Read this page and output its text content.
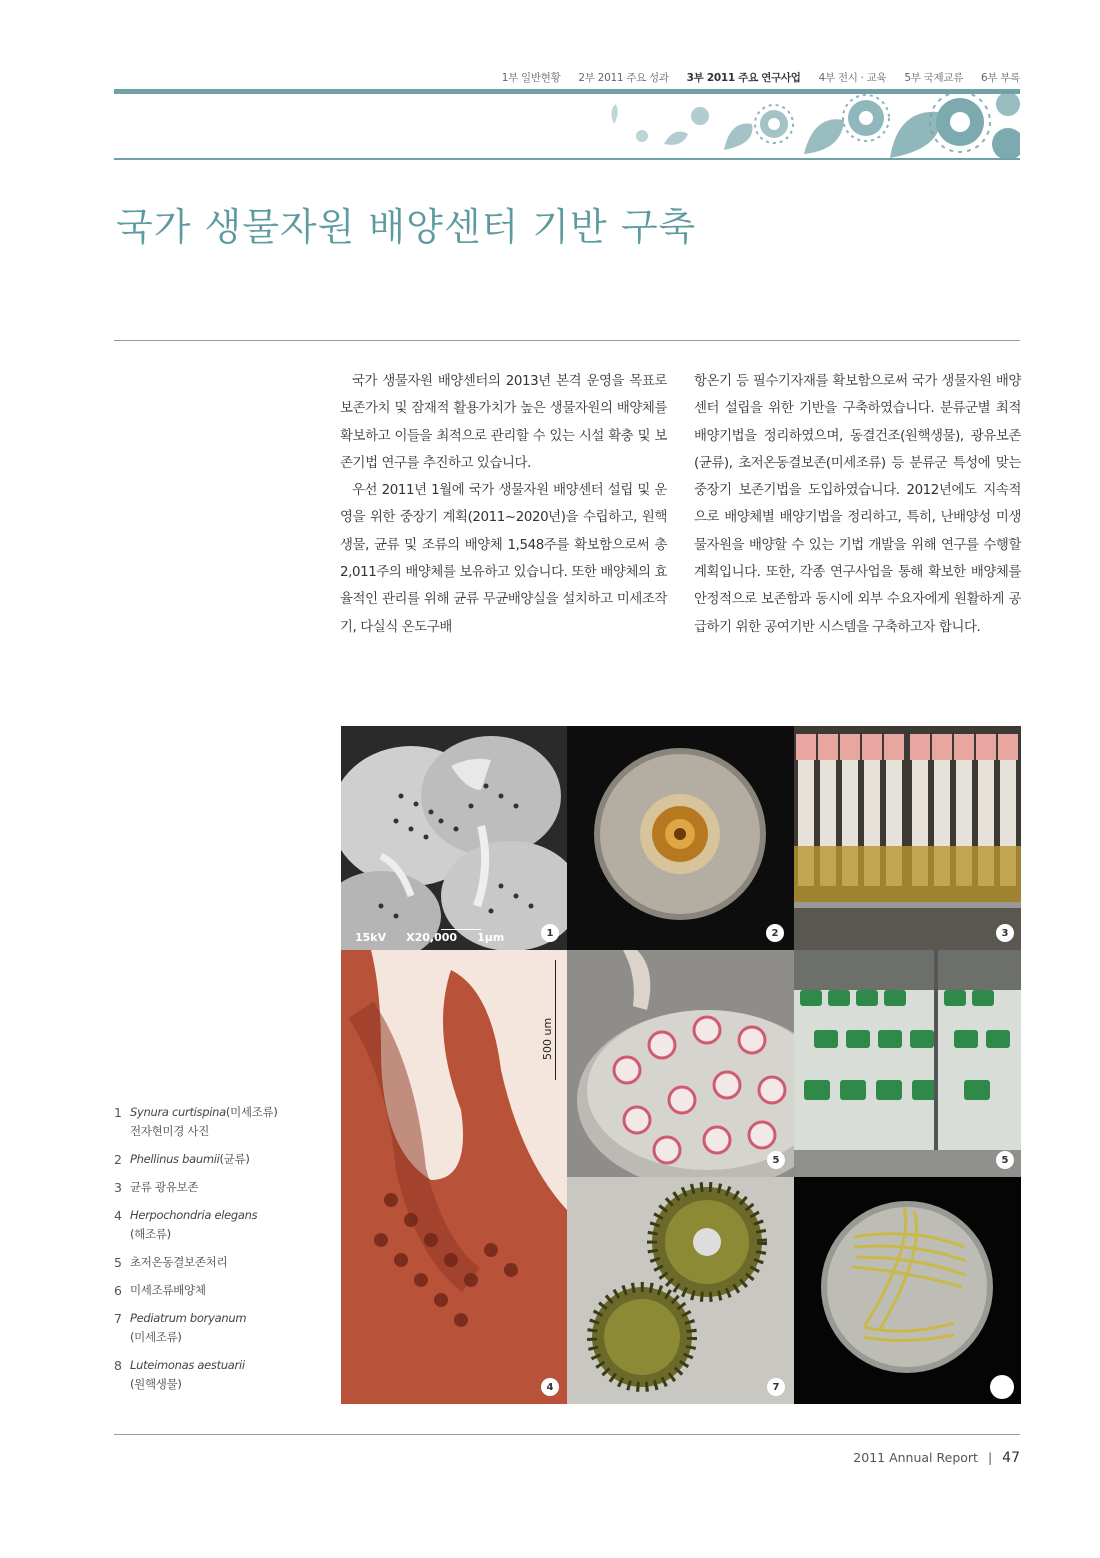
1부 일반현황 2부 2011 주요 성과 3부 2011 주요 연구사업 4부 전시 · 교육 5부 국제교류 6부 부록
국가 생물자원 배양센터 기반 구축

국가 생물자원 배양센터의 2013년 본격 운영을 목표로 보존가치 및 잠재적 활용가치가 높은 생물자원의 배양체를 확보하고 이들을 최적으로 관리할 수 있는 시설 확충 및 보존기법 연구를 추진하고 있습니다.

우선 2011년 1월에 국가 생물자원 배양센터 설립 및 운영을 위한 중장기 계획(2011~2020년)을 수립하고, 원핵생물, 균류 및 조류의 배양체 1,548주를 확보함으로써 총 2,011주의 배양체를 보유하고 있습니다. 또한 배양체의 효율적인 관리를 위해 균류 무균배양실을 설치하고 미세조작기, 다실식 온도구배

항온기 등 필수기자재를 확보함으로써 국가 생물자원 배양센터 설립을 위한 기반을 구축하였습니다. 분류군별 최적 배양기법을 정리하였으며, 동결건조(원핵생물), 광유보존(균류), 초저온동결보존(미세조류) 등 분류군 특성에 맞는 중장기 보존기법을 도입하였습니다. 2012년에도 지속적으로 배양체별 배양기법을 정리하고, 특히, 난배양성 미생물자원을 배양할 수 있는 기법 개발을 위해 연구를 수행할 계획입니다. 또한, 각종 연구사업을 통해 확보한 배양체를 안정적으로 보존함과 동시에 외부 수요자에게 원활하게 공급하기 위한 공여기반 시스템을 구축하고자 합니다.

1 Synura curtispina(미세조류)
전자현미경 사진
2 Phellinus baumii(균류)
3 균류 광유보존
4 Herpochondria elegans
(해조류)
5 초저온동결보존처리
6 미세조류배양체
7 Pediatrum boryanum
(미세조류)
8 Luteimonas aestuarii
(원핵생물)
15kV X20,000 1μm	1	2	3
500 um
4
5	5
7
2011 Annual Report | 47
